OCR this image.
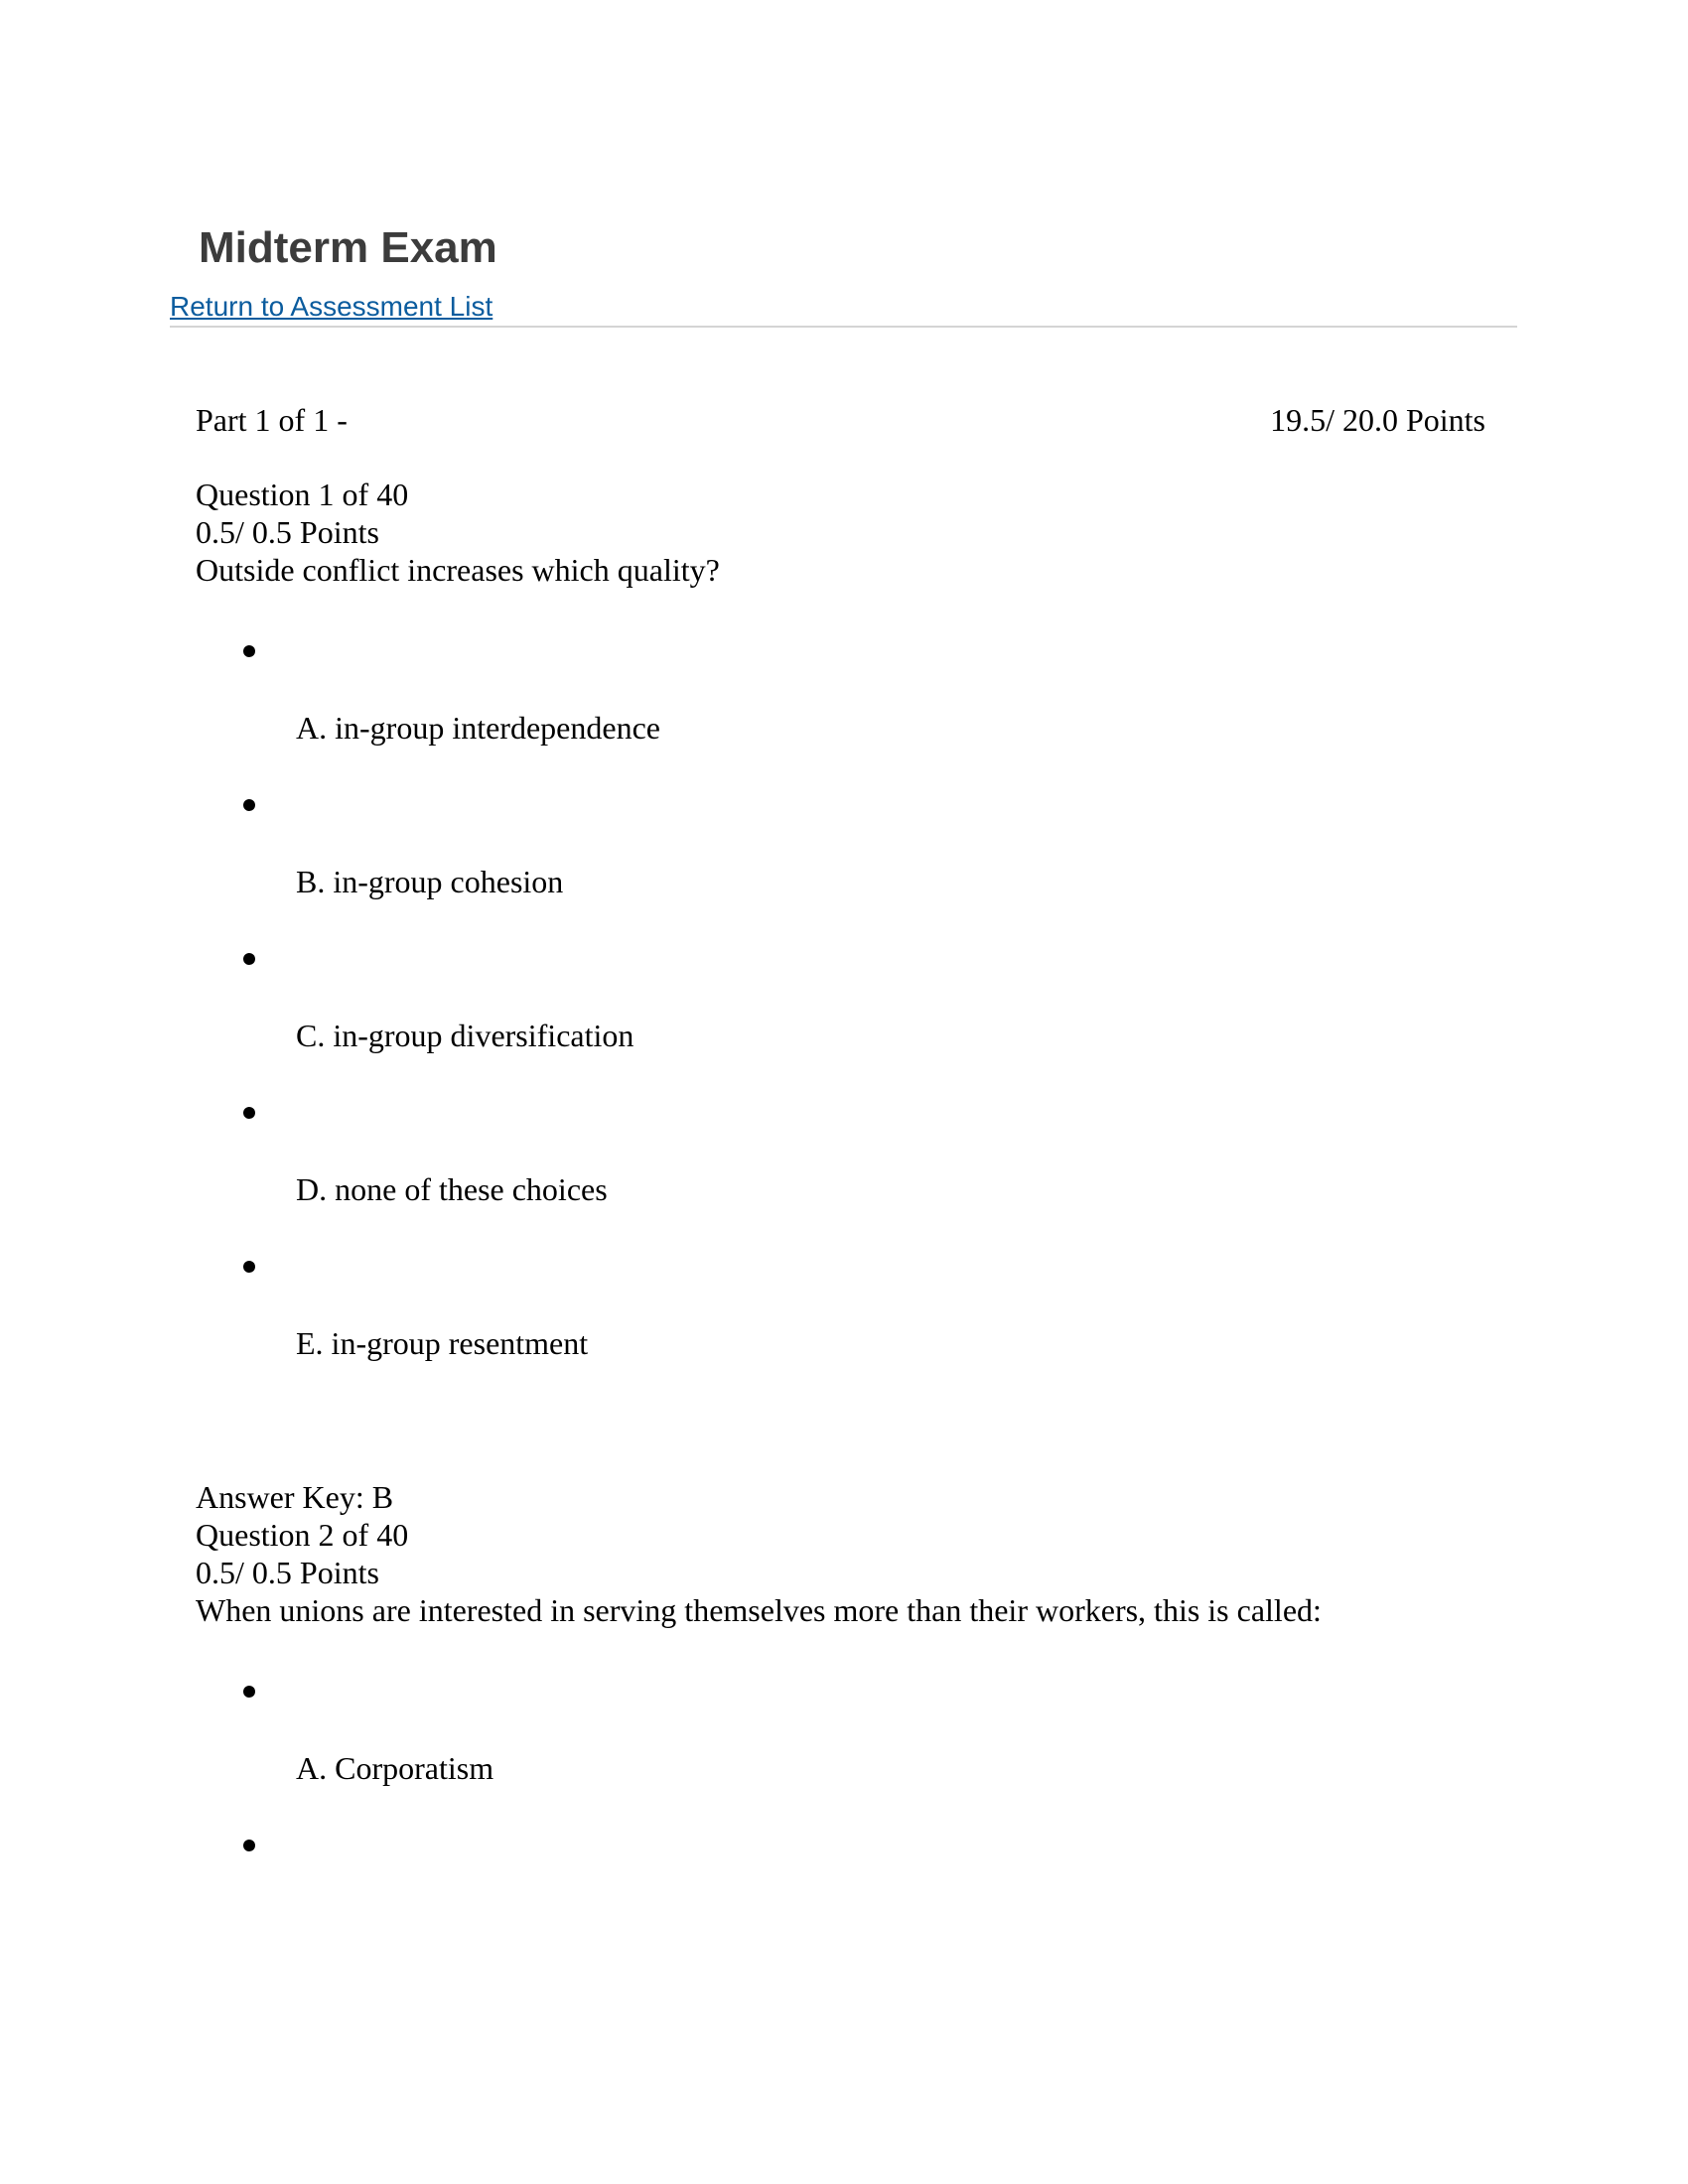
Midterm Exam
Return to Assessment List
Part 1 of 1 -	19.5/ 20.0 Points
Question 1 of 40
0.5/ 0.5 Points
Outside conflict increases which quality?
A. in-group interdependence
B. in-group cohesion
C. in-group diversification
D. none of these choices
E. in-group resentment
Answer Key: B
Question 2 of 40
0.5/ 0.5 Points
When unions are interested in serving themselves more than their workers, this is called:
A. Corporatism
